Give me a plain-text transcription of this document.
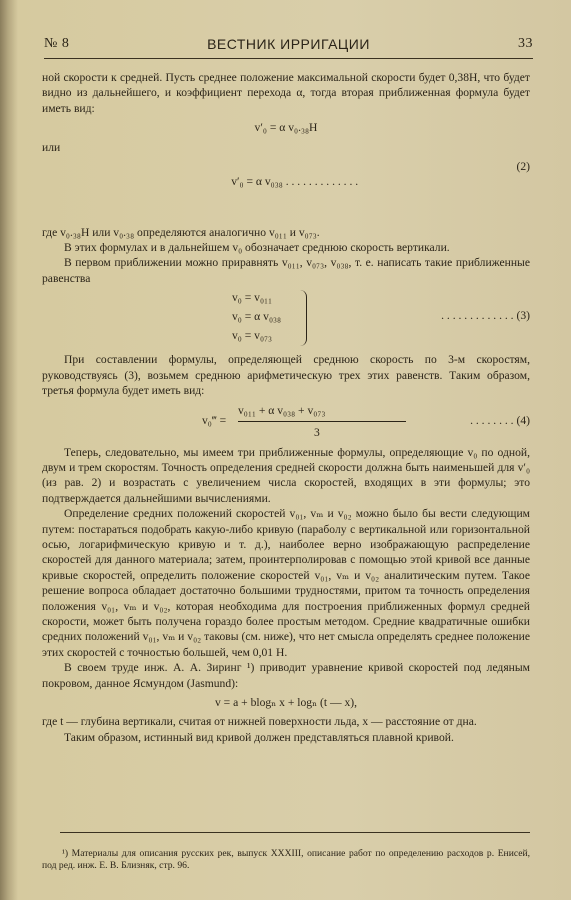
№ 8	ВЕСТНИК ИРРИГАЦИИ	33

ной скорости к средней. Пусть среднее положение максимальной скорости будет 0,38H, что будет видно из дальнейшего, и коэффициент перехода α, тогда вторая приближенная формула будет иметь вид:

v′₀ = α v₀.₃₈H

или

v′₀ = α v₀₃₈ . . . . . . . . . . . . .

(2)

где v₀.₃₈H или v₀.₃₈ определяются аналогично v₀₁₁ и v₀₇₃.

В этих формулах и в дальнейшем v₀ обозначает среднюю скорость вертикали.

В первом приближении можно приравнять v₀₁₁, v₀₇₃, v₀₃₈, т. е. написать такие приближенные равенства

v₀ = v₀₁₁
v₀ = α v₀₃₈
v₀ = v₀₇₃
. . . . . . . . . . . . . (3)

При составлении формулы, определяющей среднюю скорость по 3-м скоростям, руководствуясь (3), возьмем среднюю арифметическую трех этих равенств. Таким образом, третья формула будет иметь вид:

v₀‴ =
v₀₁₁ + α v₀₃₈ + v₀₇₃
3
. . . . . . . . (4)

Теперь, следовательно, мы имеем три приближенные формулы, определяющие v₀ по одной, двум и трем скоростям. Точность определения средней скорости должна быть наименьшей для v′₀ (из рав. 2) и возрастать с увеличением числа скоростей, входящих в эти формулы; это подтверждается дальнейшими вычислениями.

Определение средних положений скоростей v₀₁, vₘ и v₀₂ можно было бы вести следующим путем: постараться подобрать какую-либо кривую (параболу с вертикальной или горизонтальной осью, логарифмическую кривую и т. д.), наиболее верно изображающую распределение скоростей для данного материала; затем, проинтерполировав с помощью этой кривой все данные кривые скоростей, определить положение скоростей v₀₁, vₘ и v₀₂ аналитическим путем. Такое решение вопроса обладает достаточно большими трудностями, притом та точность определения положения v₀₁, vₘ и v₀₂, которая необходима для построения приближенных формул средней скорости, может быть получена гораздо более простым методом. Средние квадратичные ошибки средних положений v₀₁, vₘ и v₀₂ таковы (см. ниже), что нет смысла определять среднее положение этих скоростей с точностью большей, чем 0,01 H.

В своем труде инж. А. А. Зиринг ¹) приводит уравнение кривой скоростей под ледяным покровом, данное Ясмундом (Jasmund):

v = a + blogₙ x + logₙ (t — x),

где t — глубина вертикали, считая от нижней поверхности льда, x — расстояние от дна.

Таким образом, истинный вид кривой должен представляться плавной кривой.

¹) Материалы для описания русских рек, выпуск XXXIII, описание работ по определению расходов р. Енисей, под ред. инж. Е. В. Близняк, стр. 96.
